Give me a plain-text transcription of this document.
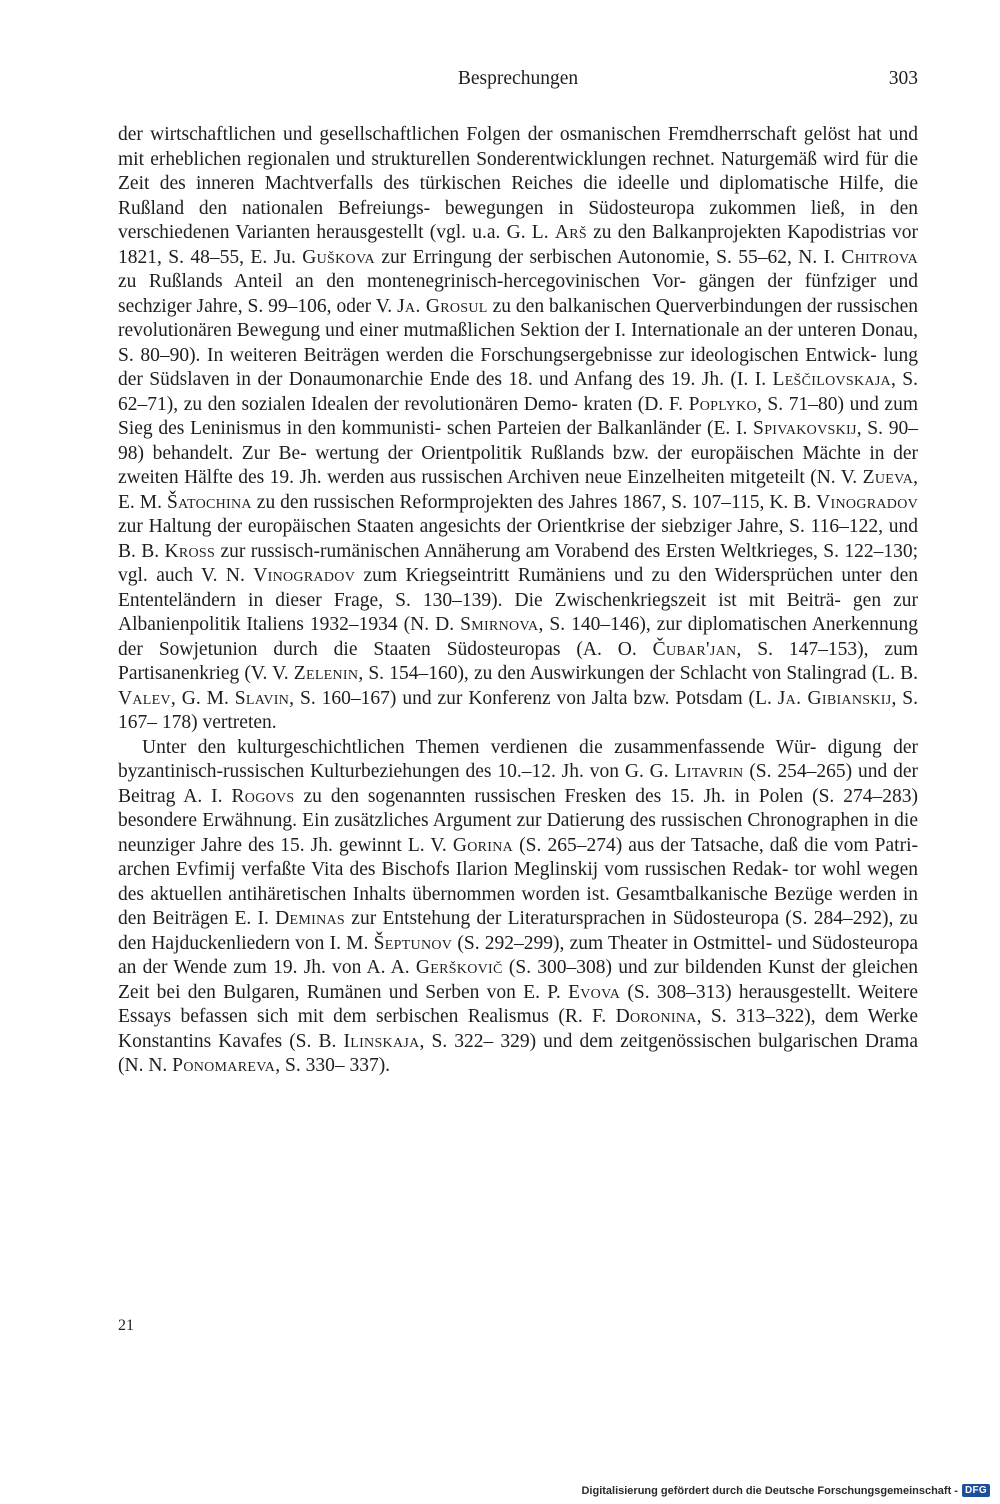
Besprechungen	303

der wirtschaftlichen und gesellschaftlichen Folgen der osmanischen Fremdherrschaft gelöst hat und mit erheblichen regionalen und strukturellen Sonderentwicklungen rechnet. Naturgemäß wird für die Zeit des inneren Machtverfalls des türkischen Reiches die ideelle und diplomatische Hilfe, die Rußland den nationalen Befreiungs- bewegungen in Südosteuropa zukommen ließ, in den verschiedenen Varianten herausgestellt (vgl. u.a. G. L. Arš zu den Balkanprojekten Kapodistrias vor 1821, S. 48–55, E. Ju. Guškova zur Erringung der serbischen Autonomie, S. 55–62, N. I. Chitrova zu Rußlands Anteil an den montenegrinisch-hercegovinischen Vor- gängen der fünfziger und sechziger Jahre, S. 99–106, oder V. Ja. Grosul zu den balkanischen Querverbindungen der russischen revolutionären Bewegung und einer mutmaßlichen Sektion der I. Internationale an der unteren Donau, S. 80–90). In weiteren Beiträgen werden die Forschungsergebnisse zur ideologischen Entwick- lung der Südslaven in der Donaumonarchie Ende des 18. und Anfang des 19. Jh. (I. I. Leščilovskaja, S. 62–71), zu den sozialen Idealen der revolutionären Demo- kraten (D. F. Poplyko, S. 71–80) und zum Sieg des Leninismus in den kommunisti- schen Parteien der Balkanländer (E. I. Spivakovskij, S. 90–98) behandelt. Zur Be- wertung der Orientpolitik Rußlands bzw. der europäischen Mächte in der zweiten Hälfte des 19. Jh. werden aus russischen Archiven neue Einzelheiten mitgeteilt (N. V. Zueva, E. M. Šatochina zu den russischen Reformprojekten des Jahres 1867, S. 107–115, K. B. Vinogradov zur Haltung der europäischen Staaten angesichts der Orientkrise der siebziger Jahre, S. 116–122, und B. B. Kross zur russisch-rumänischen Annäherung am Vorabend des Ersten Weltkrieges, S. 122–130; vgl. auch V. N. Vinogradov zum Kriegseintritt Rumäniens und zu den Widersprüchen unter den Ententeländern in dieser Frage, S. 130–139). Die Zwischenkriegszeit ist mit Beiträ- gen zur Albanienpolitik Italiens 1932–1934 (N. D. Smirnova, S. 140–146), zur diplomatischen Anerkennung der Sowjetunion durch die Staaten Südosteuropas (A. O. Čubar'jan, S. 147–153), zum Partisanenkrieg (V. V. Zelenin, S. 154–160), zu den Auswirkungen der Schlacht von Stalingrad (L. B. Valev, G. M. Slavin, S. 160–167) und zur Konferenz von Jalta bzw. Potsdam (L. Ja. Gibianskij, S. 167– 178) vertreten.

Unter den kulturgeschichtlichen Themen verdienen die zusammenfassende Wür- digung der byzantinisch-russischen Kulturbeziehungen des 10.–12. Jh. von G. G. Litavrin (S. 254–265) und der Beitrag A. I. Rogovs zu den sogenannten russischen Fresken des 15. Jh. in Polen (S. 274–283) besondere Erwähnung. Ein zusätzliches Argument zur Datierung des russischen Chronographen in die neunziger Jahre des 15. Jh. gewinnt L. V. Gorina (S. 265–274) aus der Tatsache, daß die vom Patri- archen Evfimij verfaßte Vita des Bischofs Ilarion Meglinskij vom russischen Redak- tor wohl wegen des aktuellen antihäretischen Inhalts übernommen worden ist. Gesamtbalkanische Bezüge werden in den Beiträgen E. I. Deminas zur Entstehung der Literatursprachen in Südosteuropa (S. 284–292), zu den Hajduckenliedern von I. M. Šeptunov (S. 292–299), zum Theater in Ostmittel- und Südosteuropa an der Wende zum 19. Jh. von A. A. Gerškovič (S. 300–308) und zur bildenden Kunst der gleichen Zeit bei den Bulgaren, Rumänen und Serben von E. P. Evova (S. 308–313) herausgestellt. Weitere Essays befassen sich mit dem serbischen Realismus (R. F. Doronina, S. 313–322), dem Werke Konstantins Kavafes (S. B. Ilinskaja, S. 322– 329) und dem zeitgenössischen bulgarischen Drama (N. N. Ponomareva, S. 330– 337).

21
Digitalisierung gefördert durch die Deutsche Forschungsgemeinschaft - DFG
